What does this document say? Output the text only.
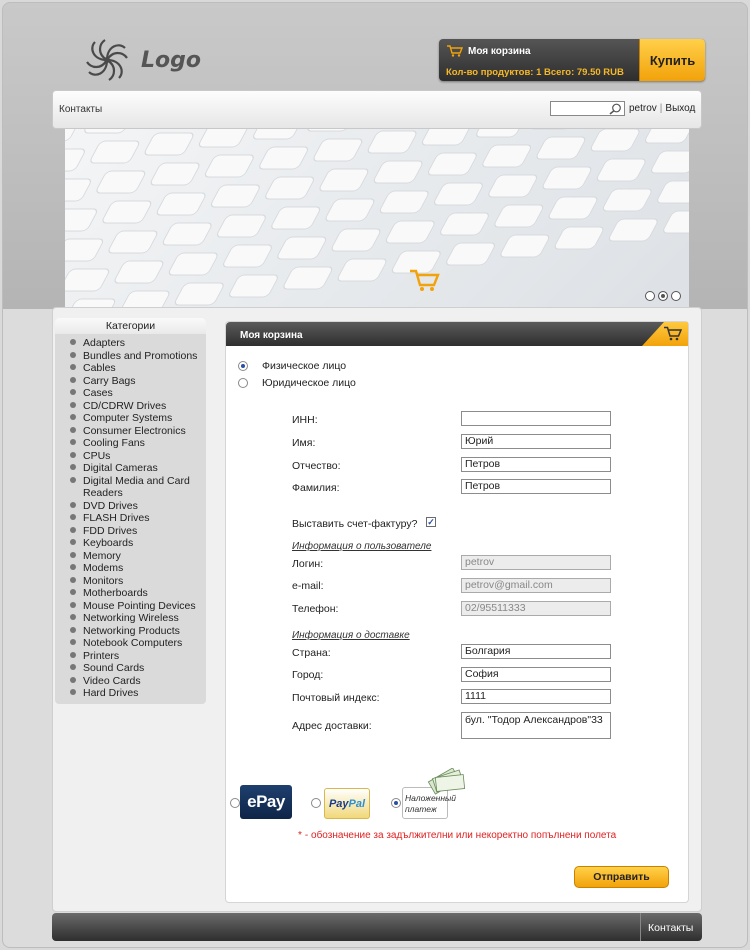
Logo	Моя корзина
Кол-во продуктов: 1 Всего: 79.50 RUB
Купить
Контакты	petrov | Выход
Категории
Adapters
Bundles and Promotions
Cables
Carry Bags
Cases
CD/CDRW Drives
Computer Systems
Consumer Electronics
Cooling Fans
CPUs
Digital Cameras
Digital Media and Card Readers
DVD Drives
FLASH Drives
FDD Drives
Keyboards
Memory
Modems
Monitors
Motherboards
Mouse Pointing Devices
Networking Wireless
Networking Products
Notebook Computers
Printers
Sound Cards
Video Cards
Hard Drives
Моя корзина
Физическое лицо
Юридическое лицо
ИНН:
Имя:	Юрий
Отчество:	Петров
Фамилия:	Петров
Выставить счет-фактуру? ✓
Информация о пользователе
Логин:	petrov
e-mail:	petrov@gmail.com
Телефон:	02/95511333
Информация о доставке
Страна:	Болгария
Город:	София
Почтовый индекс:	1111
Адрес доставки:	бул. "Тодор Александров"33
ePay	Pay Pal	Наложенный платеж
* - обозначение за задължителни или некоректно попълнени полета
Отправить
Контакты
